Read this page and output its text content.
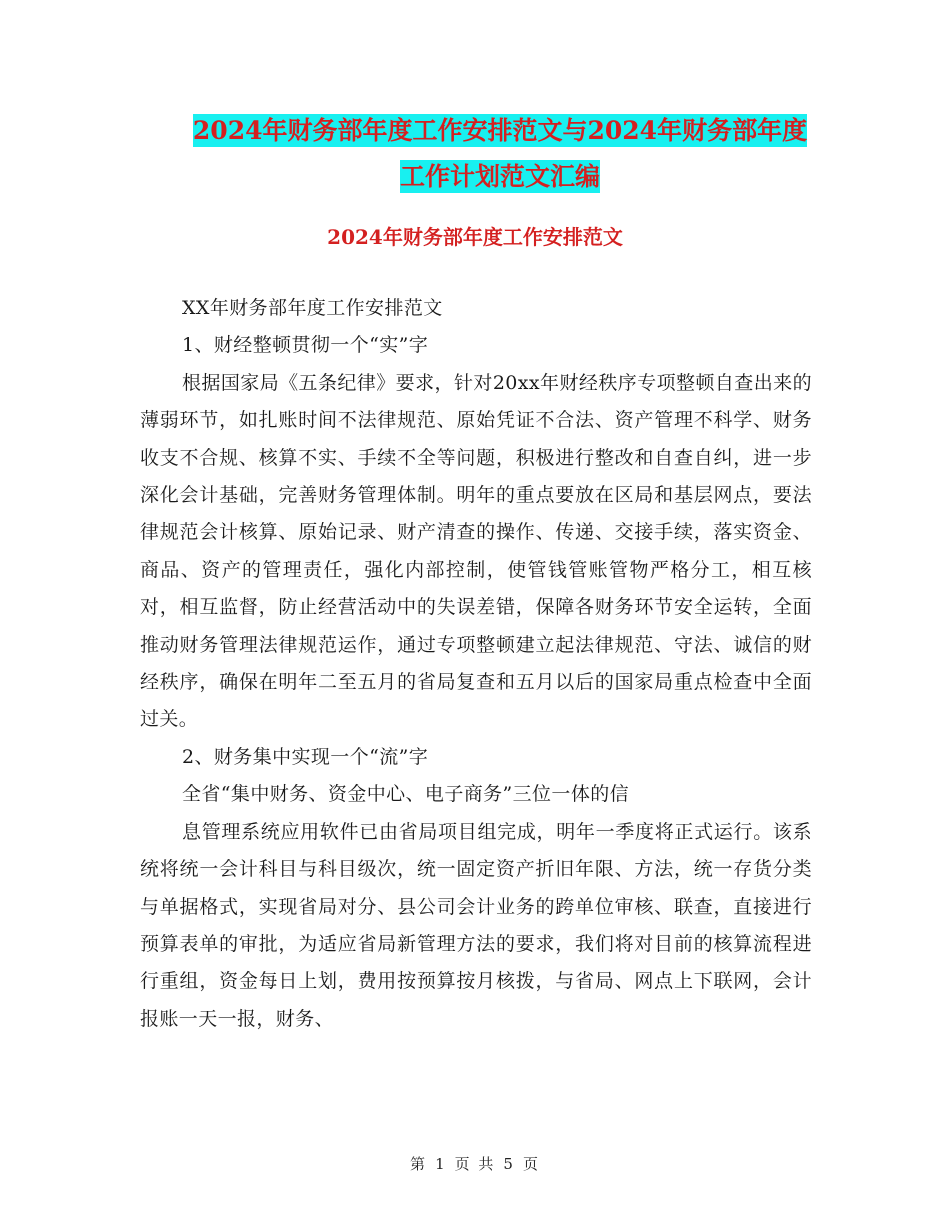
2024年财务部年度工作安排范文与2024年财务部年度
工作计划范文汇编
2024年财务部年度工作安排范文

XX年财务部年度工作安排范文

1、财经整顿贯彻一个“实”字

根据国家局《五条纪律》要求，针对20xx年财经秩序专项整顿自查出来的薄弱环节，如扎账时间不法律规范、原始凭证不合法、资产管理不科学、财务收支不合规、核算不实、手续不全等问题，积极进行整改和自查自纠，进一步深化会计基础，完善财务管理体制。明年的重点要放在区局和基层网点，要法律规范会计核算、原始记录、财产清查的操作、传递、交接手续，落实资金、商品、资产的管理责任，强化内部控制，使管钱管账管物严格分工，相互核对，相互监督，防止经营活动中的失误差错，保障各财务环节安全运转，全面推动财务管理法律规范运作，通过专项整顿建立起法律规范、守法、诚信的财经秩序，确保在明年二至五月的省局复查和五月以后的国家局重点检查中全面过关。

2、财务集中实现一个“流”字

全省“集中财务、资金中心、电子商务”三位一体的信

息管理系统应用软件已由省局项目组完成，明年一季度将正式运行。该系统将统一会计科目与科目级次，统一固定资产折旧年限、方法，统一存货分类与单据格式，实现省局对分、县公司会计业务的跨单位审核、联查，直接进行预算表单的审批，为适应省局新管理方法的要求，我们将对目前的核算流程进行重组，资金每日上划，费用按预算按月核拨，与省局、网点上下联网，会计报账一天一报，财务、

第 1 页 共 5 页
